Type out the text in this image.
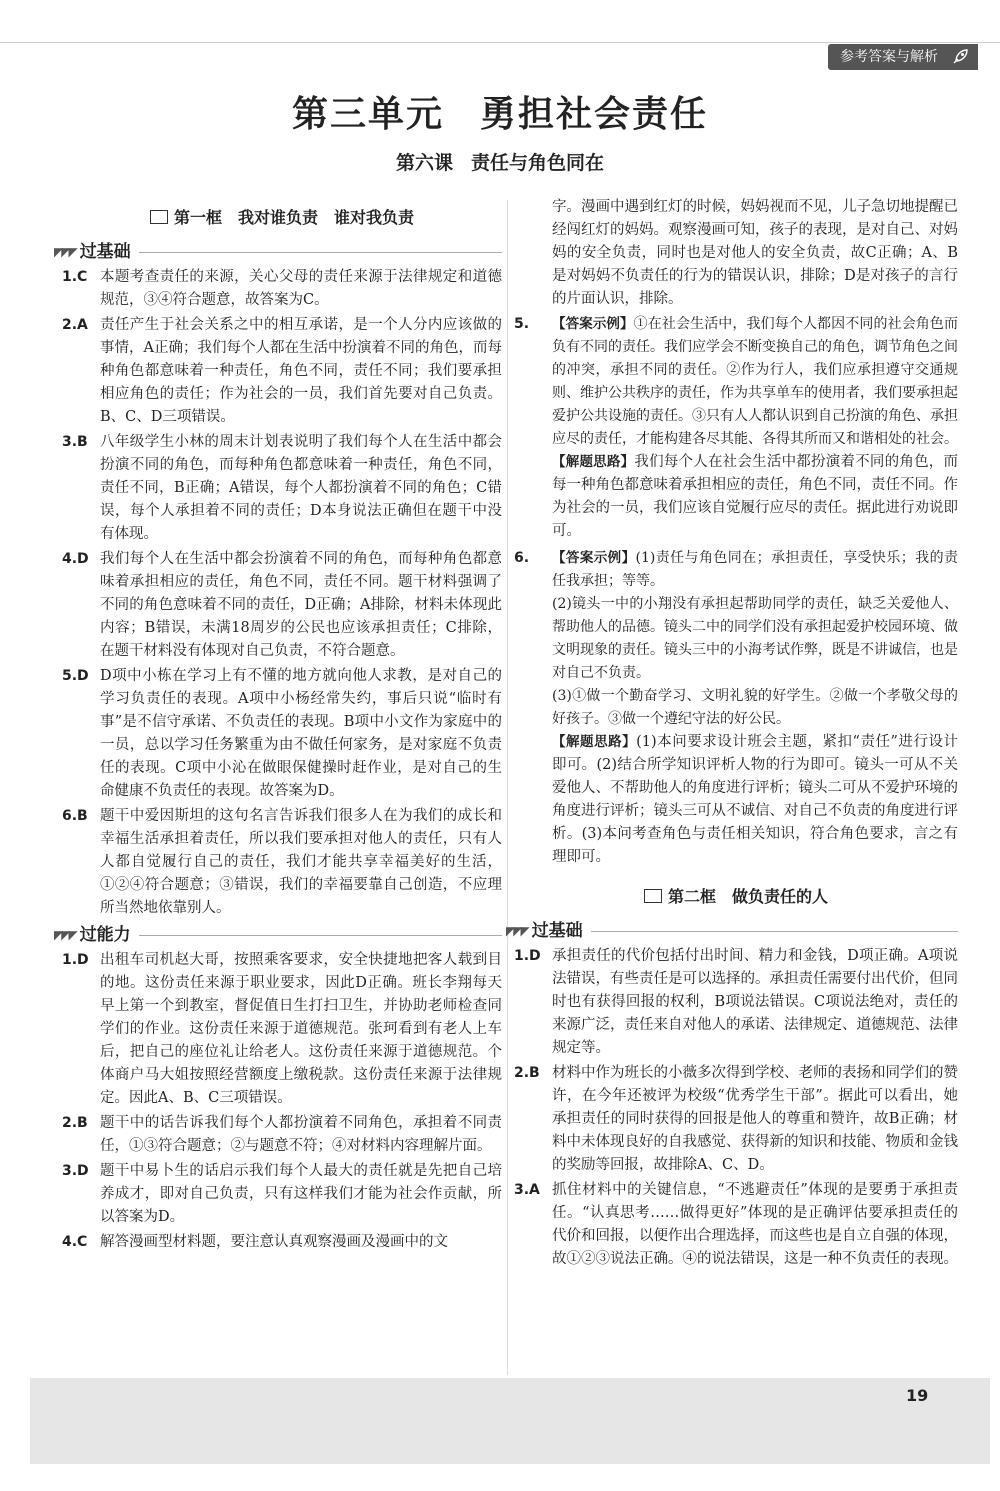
参考答案与解析
第三单元 勇担社会责任
第六课 责任与角色同在
第一框 我对谁负责 谁对我负责
◤◤◤ 过基础
1.C 本题考查责任的来源，关心父母的责任来源于法律规定和道德规范，③④符合题意，故答案为C。
2.A 责任产生于社会关系之中的相互承诺，是一个人分内应该做的事情，A正确；我们每个人都在生活中扮演着不同的角色，而每种角色都意味着一种责任，角色不同，责任不同；我们要承担相应角色的责任；作为社会的一员，我们首先要对自己负责。B、C、D三项错误。
3.B 八年级学生小林的周末计划表说明了我们每个人在生活中都会扮演不同的角色，而每种角色都意味着一种责任，角色不同，责任不同，B正确；A错误，每个人都扮演着不同的角色；C错误，每个人承担着不同的责任；D本身说法正确但在题干中没有体现。
4.D 我们每个人在生活中都会扮演着不同的角色，而每种角色都意味着承担相应的责任，角色不同，责任不同。题干材料强调了不同的角色意味着不同的责任，D正确；A排除，材料未体现此内容；B错误，未满18周岁的公民也应该承担责任；C排除，在题干材料没有体现对自己负责，不符合题意。
5.D D项中小栋在学习上有不懂的地方就向他人求教，是对自己的学习负责任的表现。A项中小杨经常失约，事后只说“临时有事”是不信守承诺、不负责任的表现。B项中小文作为家庭中的一员，总以学习任务繁重为由不做任何家务，是对家庭不负责任的表现。C项中小沁在做眼保健操时赶作业，是对自己的生命健康不负责任的表现。故答案为D。
6.B 题干中爱因斯坦的这句名言告诉我们很多人在为我们的成长和幸福生活承担着责任，所以我们要承担对他人的责任，只有人人都自觉履行自己的责任，我们才能共享幸福美好的生活，①②④符合题意；③错误，我们的幸福要靠自己创造，不应理所当然地依靠别人。
◤◤◤ 过能力
1.D 出租车司机赵大哥，按照乘客要求，安全快捷地把客人载到目的地。这份责任来源于职业要求，因此D正确。班长李翔每天早上第一个到教室，督促值日生打扫卫生，并协助老师检查同学们的作业。这份责任来源于道德规范。张珂看到有老人上车后，把自己的座位礼让给老人。这份责任来源于道德规范。个体商户马大姐按照经营额度上缴税款。这份责任来源于法律规定。因此A、B、C三项错误。
2.B 题干中的话告诉我们每个人都扮演着不同角色，承担着不同责任，①③符合题意；②与题意不符；④对材料内容理解片面。
3.D 题干中易卜生的话启示我们每个人最大的责任就是先把自己培养成才，即对自己负责，只有这样我们才能为社会作贡献，所以答案为D。
4.C 解答漫画型材料题，要注意认真观察漫画及漫画中的文
字。漫画中遇到红灯的时候，妈妈视而不见，儿子急切地提醒已经闯红灯的妈妈。观察漫画可知，孩子的表现，是对自己、对妈妈的安全负责，同时也是对他人的安全负责，故C正确；A、B是对妈妈不负责任的行为的错误认识，排除；D是对孩子的言行的片面认识，排除。
5.	【答案示例】①在社会生活中，我们每个人都因不同的社会角色而负有不同的责任。我们应学会不断变换自己的角色，调节角色之间的冲突，承担不同的责任。②作为行人，我们应承担遵守交通规则、维护公共秩序的责任，作为共享单车的使用者，我们要承担起爱护公共设施的责任。③只有人人都认识到自己扮演的角色、承担应尽的责任，才能构建各尽其能、各得其所而又和谐相处的社会。
【解题思路】我们每个人在社会生活中都扮演着不同的角色，而每一种角色都意味着承担相应的责任，角色不同，责任不同。作为社会的一员，我们应该自觉履行应尽的责任。据此进行劝说即可。
6.	【答案示例】(1)责任与角色同在；承担责任，享受快乐；我的责任我承担；等等。
(2)镜头一中的小翔没有承担起帮助同学的责任，缺乏关爱他人、帮助他人的品德。镜头二中的同学们没有承担起爱护校园环境、做文明现象的责任。镜头三中的小海考试作弊，既是不讲诚信，也是对自己不负责。
(3)①做一个勤奋学习、文明礼貌的好学生。②做一个孝敬父母的好孩子。③做一个遵纪守法的好公民。
【解题思路】(1)本问要求设计班会主题，紧扣“责任”进行设计即可。(2)结合所学知识评析人物的行为即可。镜头一可从不关爱他人、不帮助他人的角度进行评析；镜头二可从不爱护环境的角度进行评析；镜头三可从不诚信、对自己不负责的角度进行评析。(3)本问考查角色与责任相关知识，符合角色要求，言之有理即可。
第二框 做负责任的人
◤◤◤ 过基础
1.D 承担责任的代价包括付出时间、精力和金钱，D项正确。A项说法错误，有些责任是可以选择的。承担责任需要付出代价，但同时也有获得回报的权利，B项说法错误。C项说法绝对，责任的来源广泛，责任来自对他人的承诺、法律规定、道德规范、法律规定等。
2.B 材料中作为班长的小薇多次得到学校、老师的表扬和同学们的赞许，在今年还被评为校级“优秀学生干部”。据此可以看出，她承担责任的同时获得的回报是他人的尊重和赞许，故B正确；材料中未体现良好的自我感觉、获得新的知识和技能、物质和金钱的奖励等回报，故排除A、C、D。
3.A 抓住材料中的关键信息，“不逃避责任”体现的是要勇于承担责任。“认真思考……做得更好”体现的是正确评估要承担责任的代价和回报，以便作出合理选择，而这些也是自立自强的体现，故①②③说法正确。④的说法错误，这是一种不负责任的表现。
19
